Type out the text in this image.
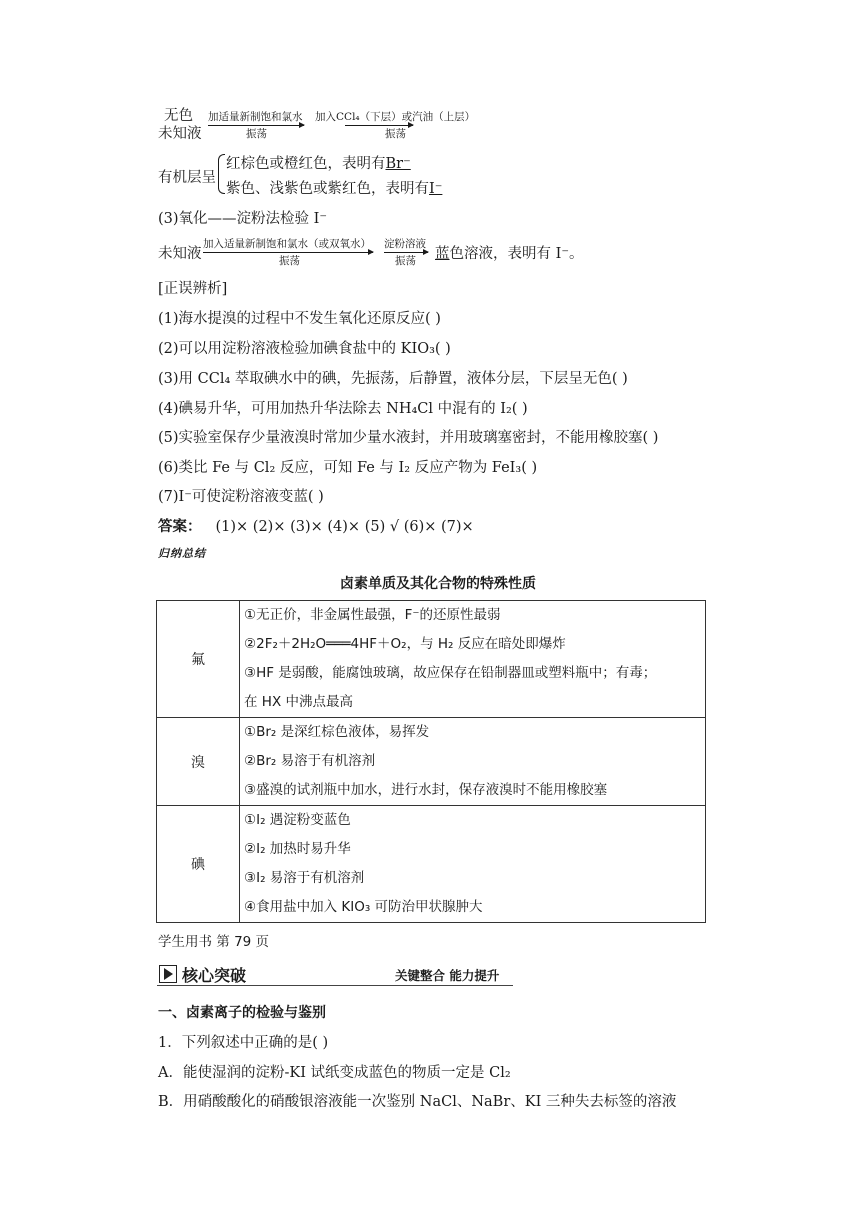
无色
未知液
加适量新制饱和氯水
振荡
加入CCl₄（下层）或汽油（上层）
振荡
有机层呈
红棕色或橙红色，表明有Br⁻
紫色、浅紫色或紫红色，表明有I⁻
(3)氧化——淀粉法检验 I⁻
未知液
加入适量新制饱和氯水（或双氧水）
振荡
淀粉溶液
振荡 蓝色溶液，表明有 I⁻。
[正误辨析]
(1)海水提溴的过程中不发生氧化还原反应( )
(2)可以用淀粉溶液检验加碘食盐中的 KIO₃( )
(3)用 CCl₄ 萃取碘水中的碘，先振荡，后静置，液体分层，下层呈无色( )
(4)碘易升华，可用加热升华法除去 NH₄Cl 中混有的 I₂( )
(5)实验室保存少量液溴时常加少量水液封，并用玻璃塞密封，不能用橡胶塞( )
(6)类比 Fe 与 Cl₂ 反应，可知 Fe 与 I₂ 反应产物为 FeI₃( )
(7)I⁻可使淀粉溶液变蓝( )
答案： (1)× (2)× (3)× (4)× (5) √ (6)× (7)×
归纳总结
卤素单质及其化合物的特殊性质
氟	①无正价，非金属性最强，F⁻的还原性最弱
②2F₂＋2H₂O═══4HF＋O₂，与 H₂ 反应在暗处即爆炸
③HF 是弱酸，能腐蚀玻璃，故应保存在铅制器皿或塑料瓶中；有毒；
在 HX 中沸点最高

溴	①Br₂ 是深红棕色液体，易挥发
②Br₂ 易溶于有机溶剂
③盛溴的试剂瓶中加水，进行水封，保存液溴时不能用橡胶塞

碘	①I₂ 遇淀粉变蓝色
②I₂ 加热时易升华
③I₂ 易溶于有机溶剂
④食用盐中加入 KIO₃ 可防治甲状腺肿大
学生用书 第 79 页
核心突破	关键整合 能力提升
一、卤素离子的检验与鉴别
1．下列叙述中正确的是( )
A．能使湿润的淀粉-KI 试纸变成蓝色的物质一定是 Cl₂
B．用硝酸酸化的硝酸银溶液能一次鉴别 NaCl、NaBr、KI 三种失去标签的溶液
